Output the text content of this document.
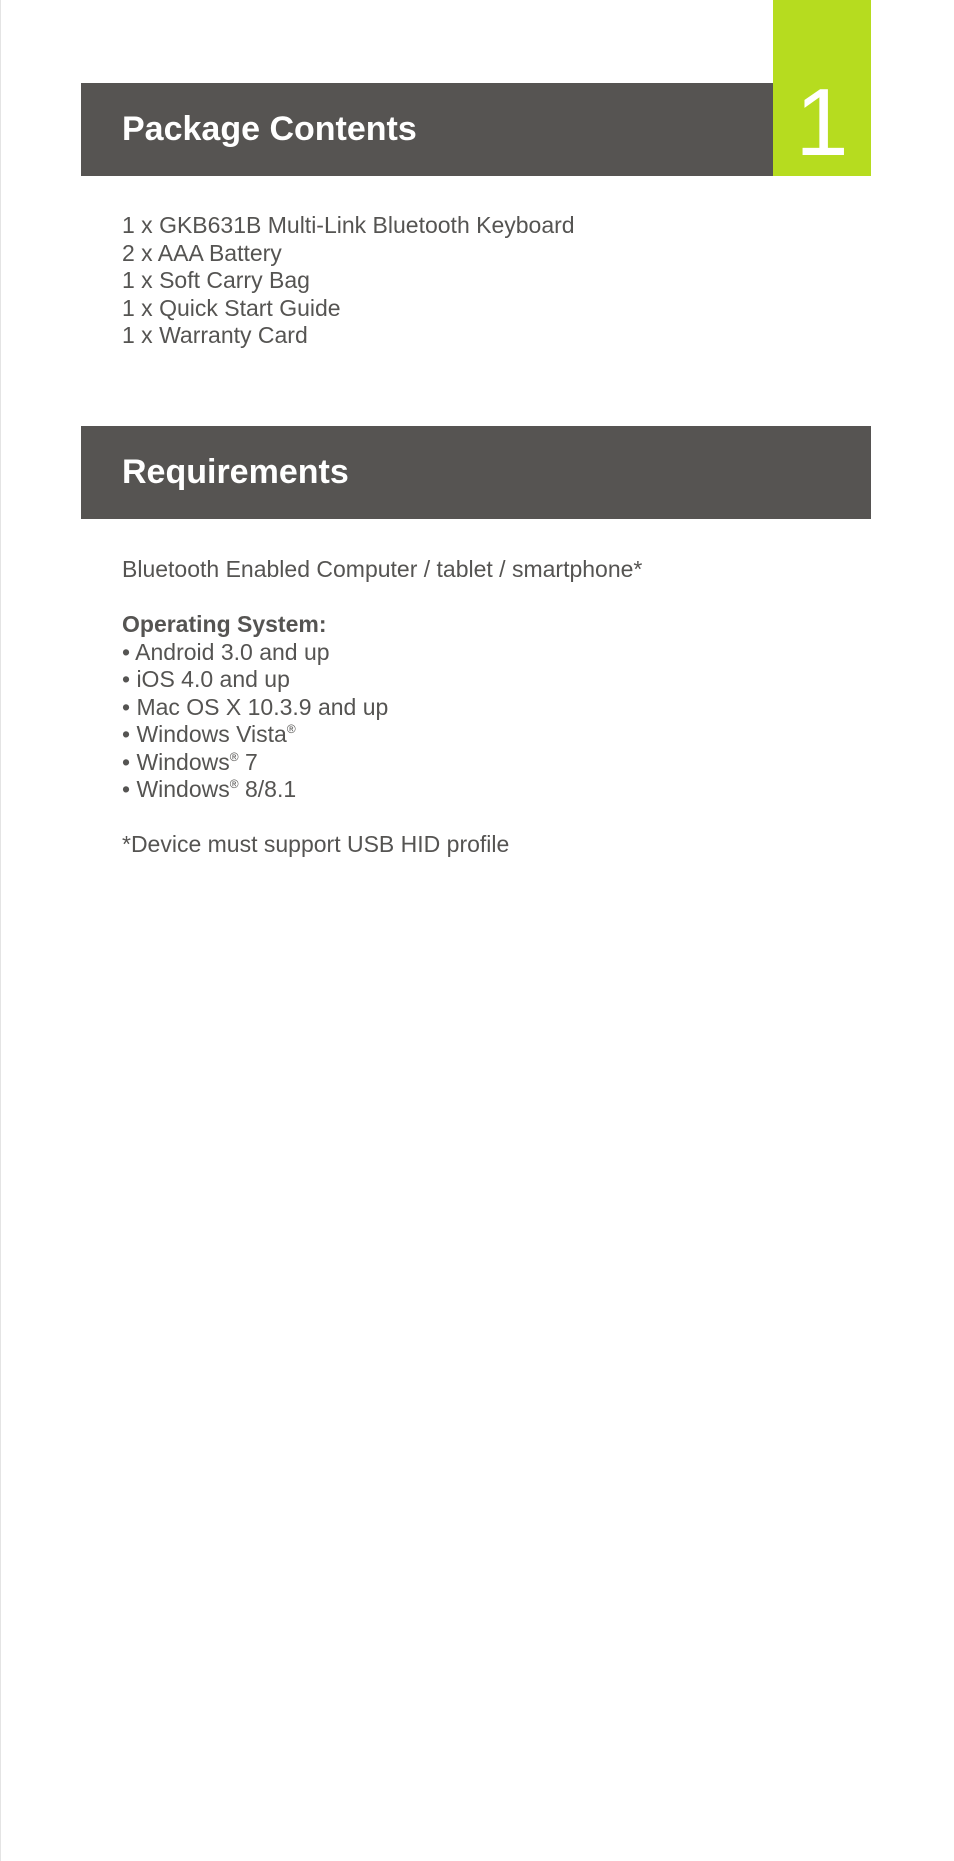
Package Contents	1
1 x GKB631B Multi-Link Bluetooth Keyboard
2 x AAA Battery
1 x Soft Carry Bag
1 x Quick Start Guide
1 x Warranty Card
Requirements
Bluetooth Enabled Computer / tablet / smartphone*
Operating System:
• Android 3.0 and up
• iOS 4.0 and up
• Mac OS X 10.3.9 and up
• Windows Vista®
• Windows® 7
• Windows® 8/8.1
*Device must support USB HID profile
